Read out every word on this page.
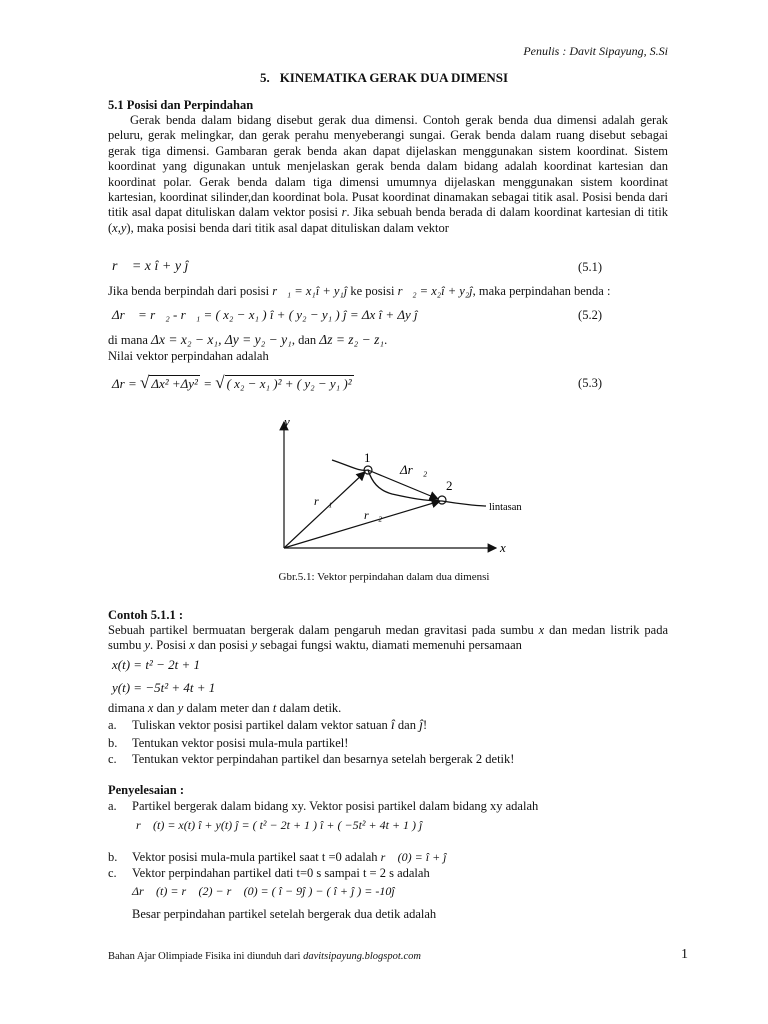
Penulis : Davit Sipayung, S.Si
5. KINEMATIKA GERAK DUA DIMENSI
5.1 Posisi dan Perpindahan
Gerak benda dalam bidang disebut gerak dua dimensi. Contoh gerak benda dua dimensi adalah gerak peluru, gerak melingkar, dan gerak perahu menyeberangi sungai. Gerak benda dalam ruang disebut sebagai gerak tiga dimensi. Gambaran gerak benda akan dapat dijelaskan menggunakan sistem koordinat. Sistem koordinat yang digunakan untuk menjelaskan gerak benda dalam bidang adalah koordinat kartesian dan koordinat polar. Gerak benda dalam tiga dimensi umumnya dijelaskan menggunakan sistem koordinat kartesian, koordinat silinder,dan koordinat bola. Pusat koordinat dinamakan sebagai titik asal. Posisi benda dari titik asal dapat dituliskan dalam vektor posisi r. Jika sebuah benda berada di dalam koordinat kartesian di titik (x,y), maka posisi benda dari titik asal dapat dituliskan dalam vektor
r⃗ = x î + y ĵ	(5.1)
Jika benda berpindah dari posisi r⃗₁ = x₁î + y₁ĵ ke posisi r⃗₂ = x₂î + y₂ĵ, maka perpindahan benda :
Δr⃗ = r⃗₂ - r⃗₁ = ( x₂ − x₁ ) î + ( y₂ − y₁ ) ĵ = Δx î + Δy ĵ	(5.2)
di mana Δx = x₂ − x₁, Δy = y₂ − y₁, dan Δz = z₂ − z₁.
Nilai vektor perpindahan adalah
Δr = √ Δx² +Δy² = √ ( x₂ − x₁ )² + ( y₂ − y₁ )²	(5.3)
y
x
1
2
Δr⃗₂
r⃗₁
r⃗₂
lintasan
Gbr.5.1: Vektor perpindahan dalam dua dimensi
Contoh 5.1.1 :
Sebuah partikel bermuatan bergerak dalam pengaruh medan gravitasi pada sumbu x dan medan listrik pada sumbu y. Posisi x dan posisi y sebagai fungsi waktu, diamati memenuhi persamaan
x(t) = t² − 2t + 1
y(t) = −5t² + 4t + 1
dimana x dan y dalam meter dan t dalam detik.
a. Tuliskan vektor posisi partikel dalam vektor satuan î dan ĵ!
b. Tentukan vektor posisi mula-mula partikel!
c. Tentukan vektor perpindahan partikel dan besarnya setelah bergerak 2 detik!
Penyelesaian :
a. Partikel bergerak dalam bidang xy. Vektor posisi partikel dalam bidang xy adalah
r⃗ (t) = x(t) î + y(t) ĵ = ( t² − 2t + 1 ) î + ( −5t² + 4t + 1 ) ĵ
b. Vektor posisi mula-mula partikel saat t =0 adalah r⃗ (0) = î + ĵ
c. Vektor perpindahan partikel dati t=0 s sampai t = 2 s adalah
Δr⃗ (t) = r⃗ (2) − r⃗ (0) = ( î − 9ĵ ) − ( î + ĵ ) = -10ĵ
Besar perpindahan partikel setelah bergerak dua detik adalah
Bahan Ajar Olimpiade Fisika ini diunduh dari davitsipayung.blogspot.com	1
